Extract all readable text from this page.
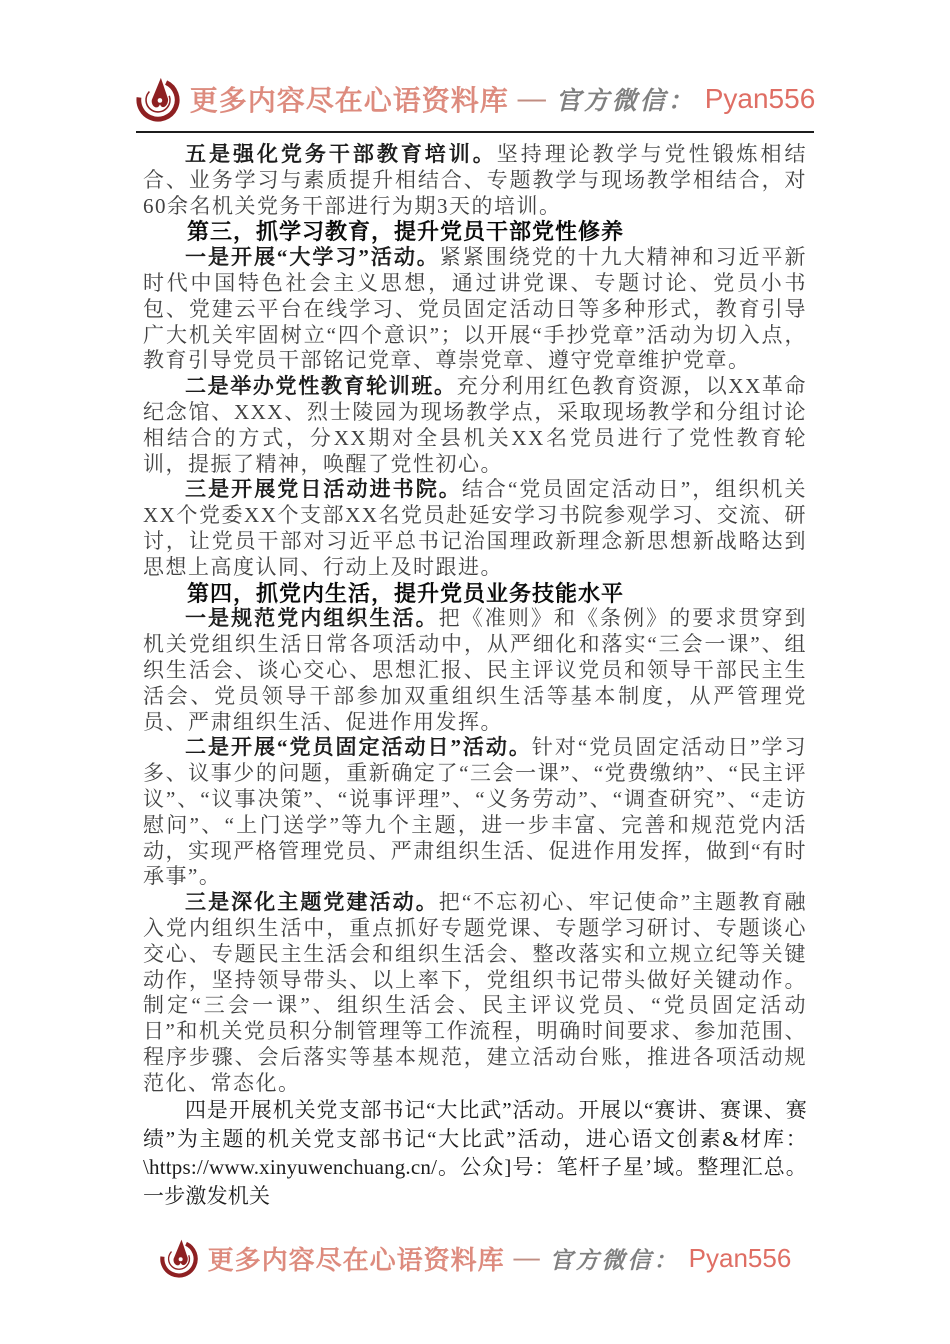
更多内容尽在心语资料库 — 官方微信： Pyan556

五是强化党务干部教育培训。坚持理论教学与党性锻炼相结合、业务学习与素质提升相结合、专题教学与现场教学相结合，对60余名机关党务干部进行为期3天的培训。

第三，抓学习教育，提升党员干部党性修养

一是开展“大学习”活动。紧紧围绕党的十九大精神和习近平新时代中国特色社会主义思想，通过讲党课、专题讨论、党员小书包、党建云平台在线学习、党员固定活动日等多种形式，教育引导广大机关牢固树立“四个意识”；以开展“手抄党章”活动为切入点，教育引导党员干部铭记党章、尊崇党章、遵守党章维护党章。

二是举办党性教育轮训班。充分利用红色教育资源，以XX革命纪念馆、XXX、烈士陵园为现场教学点，采取现场教学和分组讨论相结合的方式，分XX期对全县机关XX名党员进行了党性教育轮训，提振了精神，唤醒了党性初心。

三是开展党日活动进书院。结合“党员固定活动日”，组织机关XX个党委XX个支部XX名党员赴延安学习书院参观学习、交流、研讨，让党员干部对习近平总书记治国理政新理念新思想新战略达到思想上高度认同、行动上及时跟进。

第四，抓党内生活，提升党员业务技能水平

一是规范党内组织生活。把《准则》和《条例》的要求贯穿到机关党组织生活日常各项活动中，从严细化和落实“三会一课”、组织生活会、谈心交心、思想汇报、民主评议党员和领导干部民主生活会、党员领导干部参加双重组织生活等基本制度，从严管理党员、严肃组织生活、促进作用发挥。

二是开展“党员固定活动日”活动。针对“党员固定活动日”学习多、议事少的问题，重新确定了“三会一课”、“党费缴纳”、“民主评议”、“议事决策”、“说事评理”、“义务劳动”、“调查研究”、“走访慰问”、“上门送学”等九个主题，进一步丰富、完善和规范党内活动，实现严格管理党员、严肃组织生活、促进作用发挥，做到“有时承事”。

三是深化主题党建活动。把“不忘初心、牢记使命”主题教育融入党内组织生活中，重点抓好专题党课、专题学习研讨、专题谈心交心、专题民主生活会和组织生活会、整改落实和立规立纪等关键动作，坚持领导带头、以上率下，党组织书记带头做好关键动作。制定“三会一课”、组织生活会、民主评议党员、“党员固定活动日”和机关党员积分制管理等工作流程，明确时间要求、参加范围、程序步骤、会后落实等基本规范，建立活动台账，推进各项活动规范化、常态化。

四是开展机关党支部书记“大比武”活动。开展以“赛讲、赛课、赛绩”为主题的机关党支部书记“大比武”活动，进心语文创素&材库：\https://www.xinyuwenchuang.cn/。公众]号：笔杆子星’域。整理汇总。一步激发机关

更多内容尽在心语资料库 — 官方微信： Pyan556
